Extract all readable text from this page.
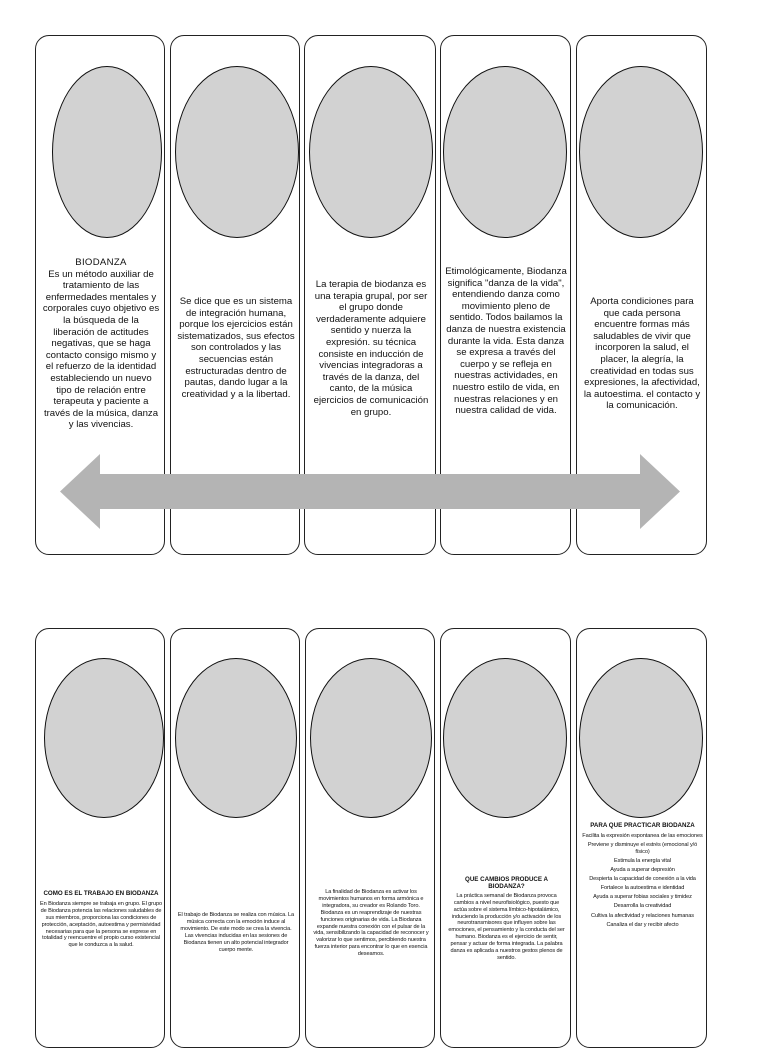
BIODANZA
Es un método auxiliar de tratamiento de las enfermedades mentales y corporales cuyo objetivo es la búsqueda de la liberación de actitudes negativas, que se haga contacto consigo mismo y el refuerzo de la identidad estableciendo un nuevo tipo de relación entre terapeuta y paciente a través de la música, danza y las vivencias.
Se dice que es un sistema de integración humana, porque los ejercicios están sistematizados, sus efectos son controlados y las secuencias están estructuradas dentro de pautas, dando lugar a la creatividad y a la libertad.
La terapia de biodanza es una terapia grupal, por ser el grupo donde verdaderamente adquiere sentido y nuerza la expresión. su técnica consiste en inducción de vivencias integradoras a través de la danza, del canto, de la música ejercicios de comunicación en grupo.
Etimológicamente, Biodanza significa "danza de la vida", entendiendo danza como movimiento pleno de sentido. Todos bailamos la danza de nuestra existencia durante la vida. Esta danza se expresa a través del cuerpo y se refleja en nuestras actividades, en nuestro estilo de vida, en nuestras relaciones y en nuestra calidad de vida.
Aporta condiciones para que cada persona encuentre formas más saludables de vivir que incorporen la salud, el placer, la alegría, la creatividad en todas sus expresiones, la afectividad, la autoestima. el contacto y la comunicación.
COMO ES EL TRABAJO EN BIODANZA
En Biodanza siempre se trabaja en grupo. El grupo de Biodanza potencia las relaciones saludables de sus miembros, proporciona las condiciones de protección, aceptación, autoestima y permisividad necesarias para que la persona se exprese en totalidad y reencuentre el propio curso existencial que le conduzca a la salud.
El trabajo de Biodanza se realiza con música. La música correcta con la emoción induce al movimiento. De este modo se crea la vivencia. Las vivencias inducidas en las sesiones de Biodanza tienen un alto potencial integrador cuerpo mente.
La finalidad de Biodanza es activar los movimientos humanos en forma armónica e integradora, su creador es Rolando Toro. Biodanza es un reaprendizaje de nuestras funciones originarias de vida. La Biodanza expande nuestra conexión con el pulsar de la vida, sensibilizando la capacidad de reconocer y valorizar lo que sentimos, percibiendo nuestra fuerza interior para encontrar lo que en esencia deseamos.
QUE CAMBIOS PRODUCE A BIODANZA?
La práctica semanal de Biodanza provoca cambios a nivel neurofisiológico, puesto que actúa sobre el sistema límbico-hipotalámico, induciendo la producción y/o activación de los neurotransmisores que influyen sobre las emociones, el pensamiento y la conducta del ser humano. Biodanza es el ejercicio de sentir, pensar y actuar de forma integrada. La palabra danza es aplicada a nuestros gestos plenos de sentido.
PARA QUE PRACTICAR BIODANZA
Facilita la expresión espontanea de las emociones
Previene y disminuye el estrés (emocional y/ó físico)
Estimula la energía vital
Ayuda a superar depresión
Despierta la capacidad de conexión a la vida
Fortalece la autoestima e identidad
Ayuda a superar fobias sociales y timidez
Desarrolla la creatividad
Cultiva la afectividad y relaciones humanas
Canaliza el dar y recibir afecto
